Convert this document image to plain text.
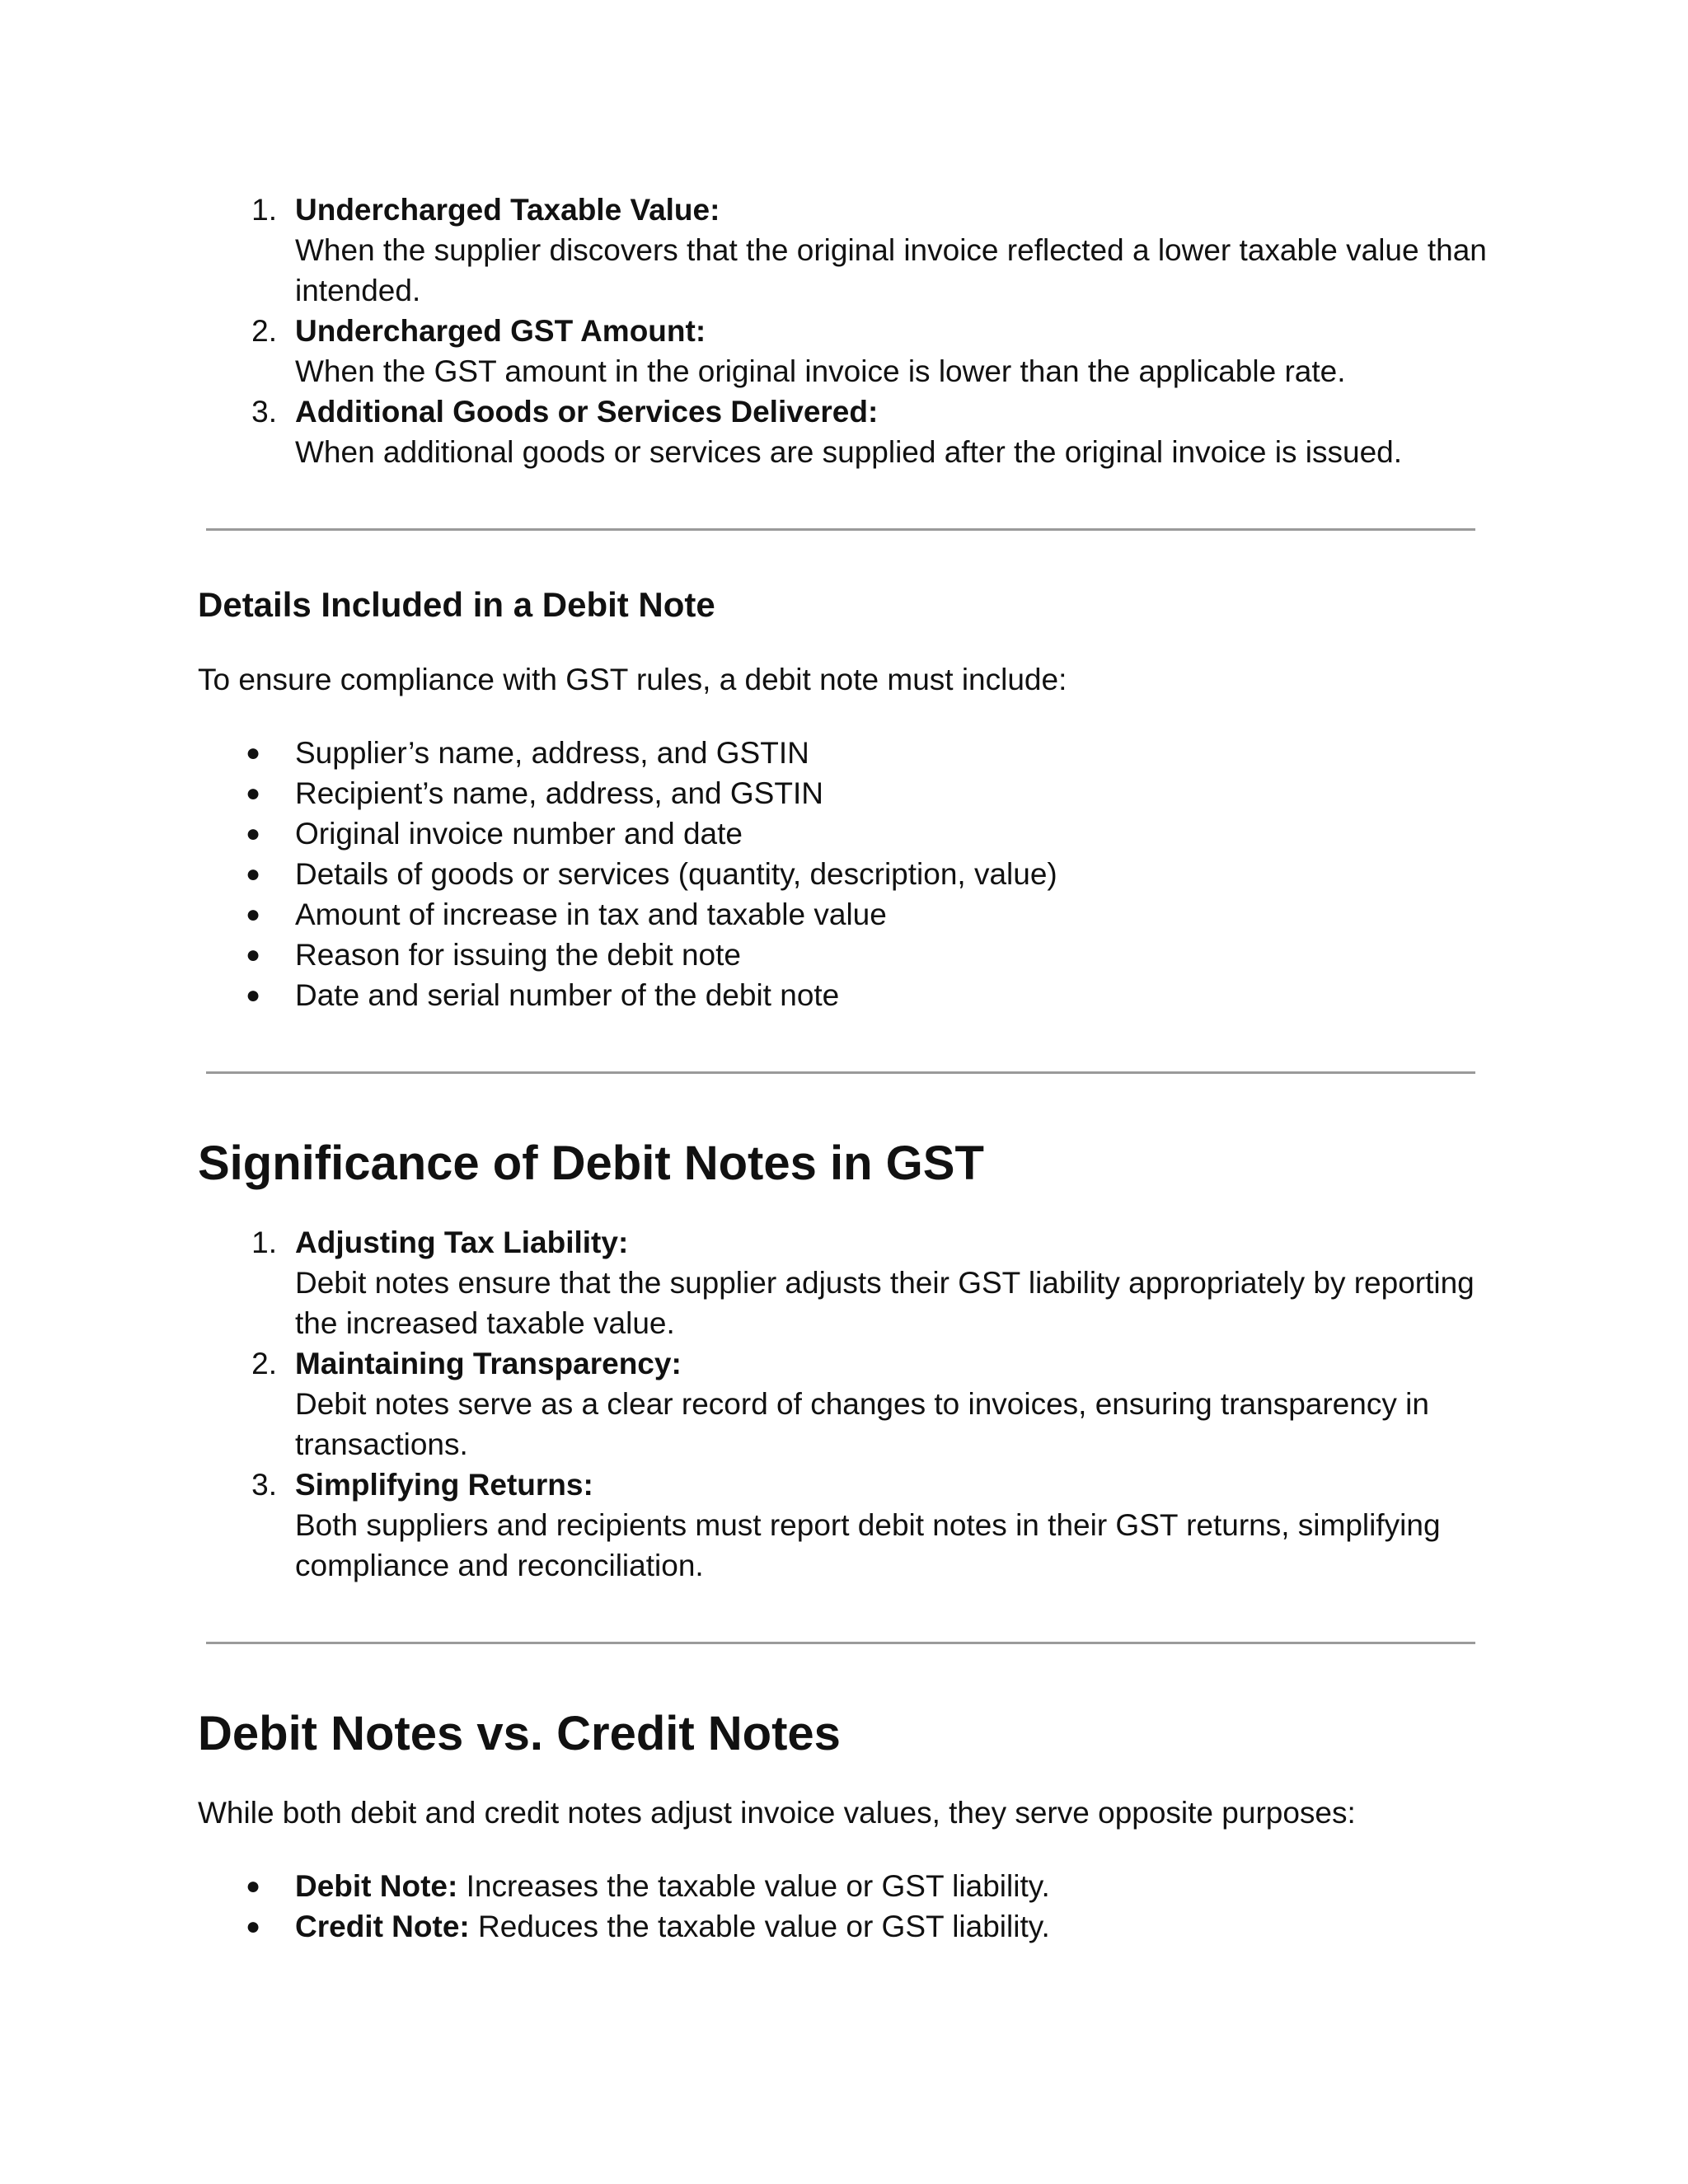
1. Undercharged Taxable Value:
When the supplier discovers that the original invoice reflected a lower taxable value than intended.
2. Undercharged GST Amount:
When the GST amount in the original invoice is lower than the applicable rate.
3. Additional Goods or Services Delivered:
When additional goods or services are supplied after the original invoice is issued.
Details Included in a Debit Note

To ensure compliance with GST rules, a debit note must include:

● Supplier’s name, address, and GSTIN
● Recipient’s name, address, and GSTIN
● Original invoice number and date
● Details of goods or services (quantity, description, value)
● Amount of increase in tax and taxable value
● Reason for issuing the debit note
● Date and serial number of the debit note
Significance of Debit Notes in GST
1. Adjusting Tax Liability:
Debit notes ensure that the supplier adjusts their GST liability appropriately by reporting the increased taxable value.
2. Maintaining Transparency:
Debit notes serve as a clear record of changes to invoices, ensuring transparency in transactions.
3. Simplifying Returns:
Both suppliers and recipients must report debit notes in their GST returns, simplifying compliance and reconciliation.
Debit Notes vs. Credit Notes

While both debit and credit notes adjust invoice values, they serve opposite purposes:

● Debit Note: Increases the taxable value or GST liability.
● Credit Note: Reduces the taxable value or GST liability.
